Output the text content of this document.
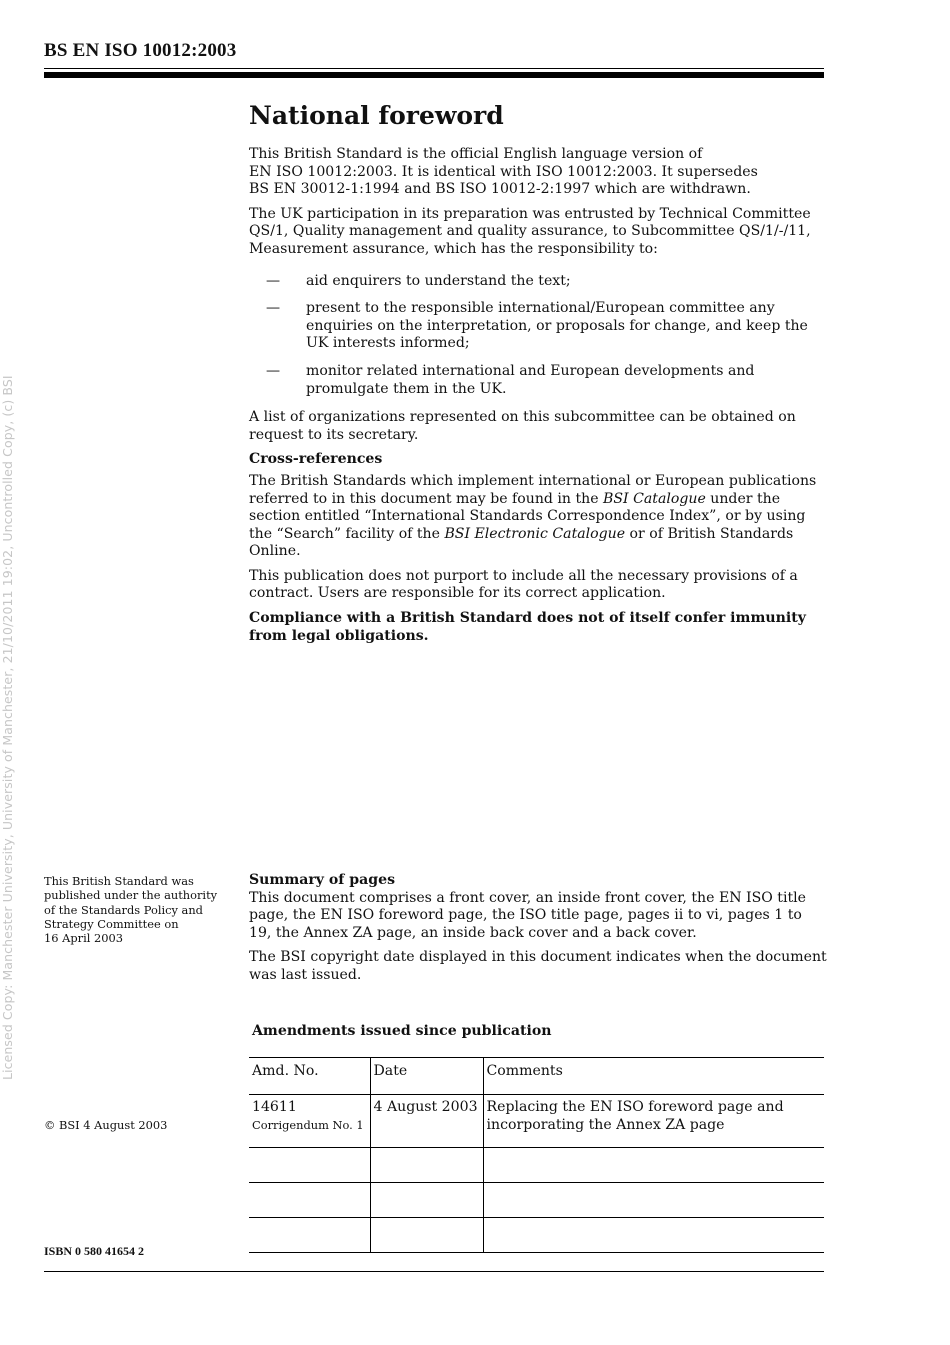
BS EN ISO 10012:2003
Licensed Copy: Manchester University, University of Manchester, 21/10/2011 19:02, Uncontrolled Copy, (c) BSI
National foreword

This British Standard is the official English language version of
EN ISO 10012:2003. It is identical with ISO 10012:2003. It supersedes
BS EN 30012-1:1994 and BS ISO 10012-2:1997 which are withdrawn.

The UK participation in its preparation was entrusted by Technical Committee QS/1, Quality management and quality assurance, to Subcommittee QS/1/-/11, Measurement assurance, which has the responsibility to:

—	aid enquirers to understand the text;
—	present to the responsible international/European committee any enquiries on the interpretation, or proposals for change, and keep the UK interests informed;
—	monitor related international and European developments and promulgate them in the UK.

A list of organizations represented on this subcommittee can be obtained on request to its secretary.

Cross-references

The British Standards which implement international or European publications referred to in this document may be found in the BSI Catalogue under the section entitled “International Standards Correspondence Index”, or by using the “Search” facility of the BSI Electronic Catalogue or of British Standards Online.

This publication does not purport to include all the necessary provisions of a contract. Users are responsible for its correct application.

Compliance with a British Standard does not of itself confer immunity from legal obligations.

This British Standard was
published under the authority
of the Standards Policy and
Strategy Committee on
16 April 2003
Summary of pages

This document comprises a front cover, an inside front cover, the EN ISO title page, the EN ISO foreword page, the ISO title page, pages ii to vi, pages 1 to 19, the Annex ZA page, an inside back cover and a back cover.

The BSI copyright date displayed in this document indicates when the document was last issued.

Amendments issued since publication
Amd. No.	Date	Comments

14611
Corrigendum No. 1	4 August 2003	Replacing the EN ISO foreword page and incorporating the Annex ZA page

© BSI 4 August 2003
ISBN 0 580 41654 2
